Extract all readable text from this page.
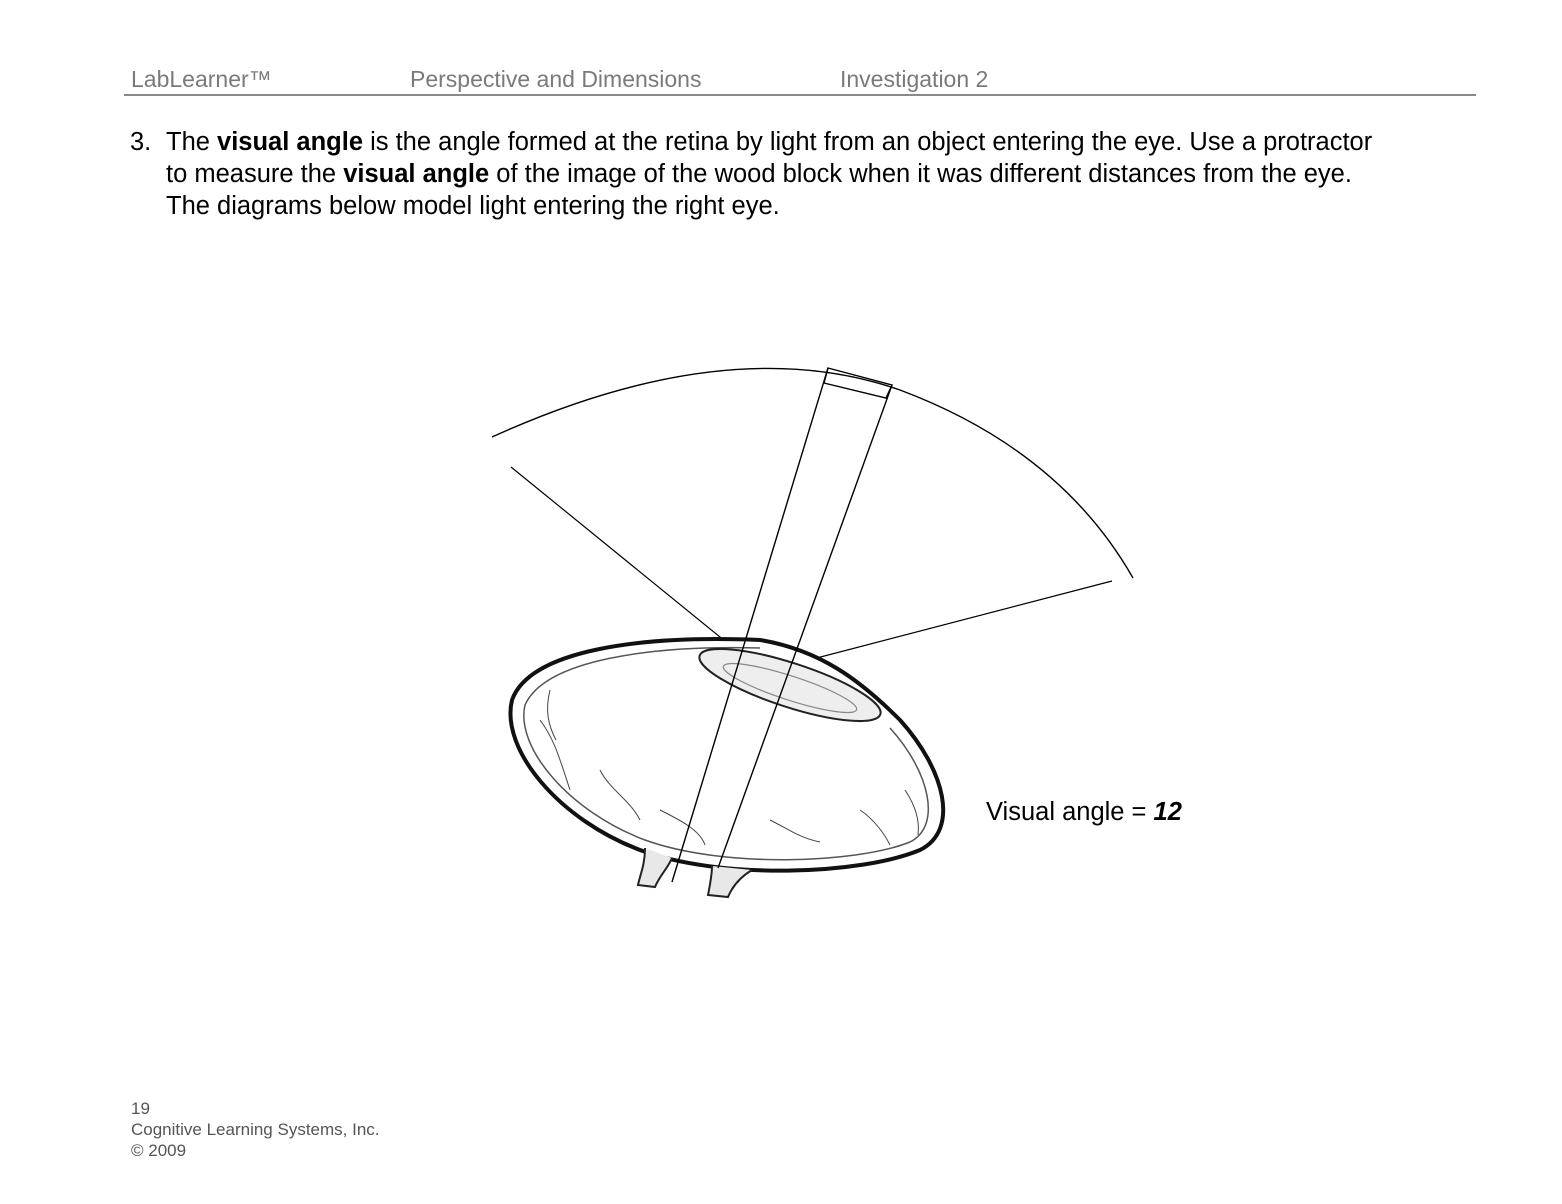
LabLearner™	Perspective and Dimensions	Investigation 2
3. The visual angle is the angle formed at the retina by light from an object entering the eye. Use a protractor
to measure the visual angle of the image of the wood block when it was different distances from the eye.
The diagrams below model light entering the right eye.
Visual angle = 12
19
Cognitive Learning Systems, Inc.
© 2009
